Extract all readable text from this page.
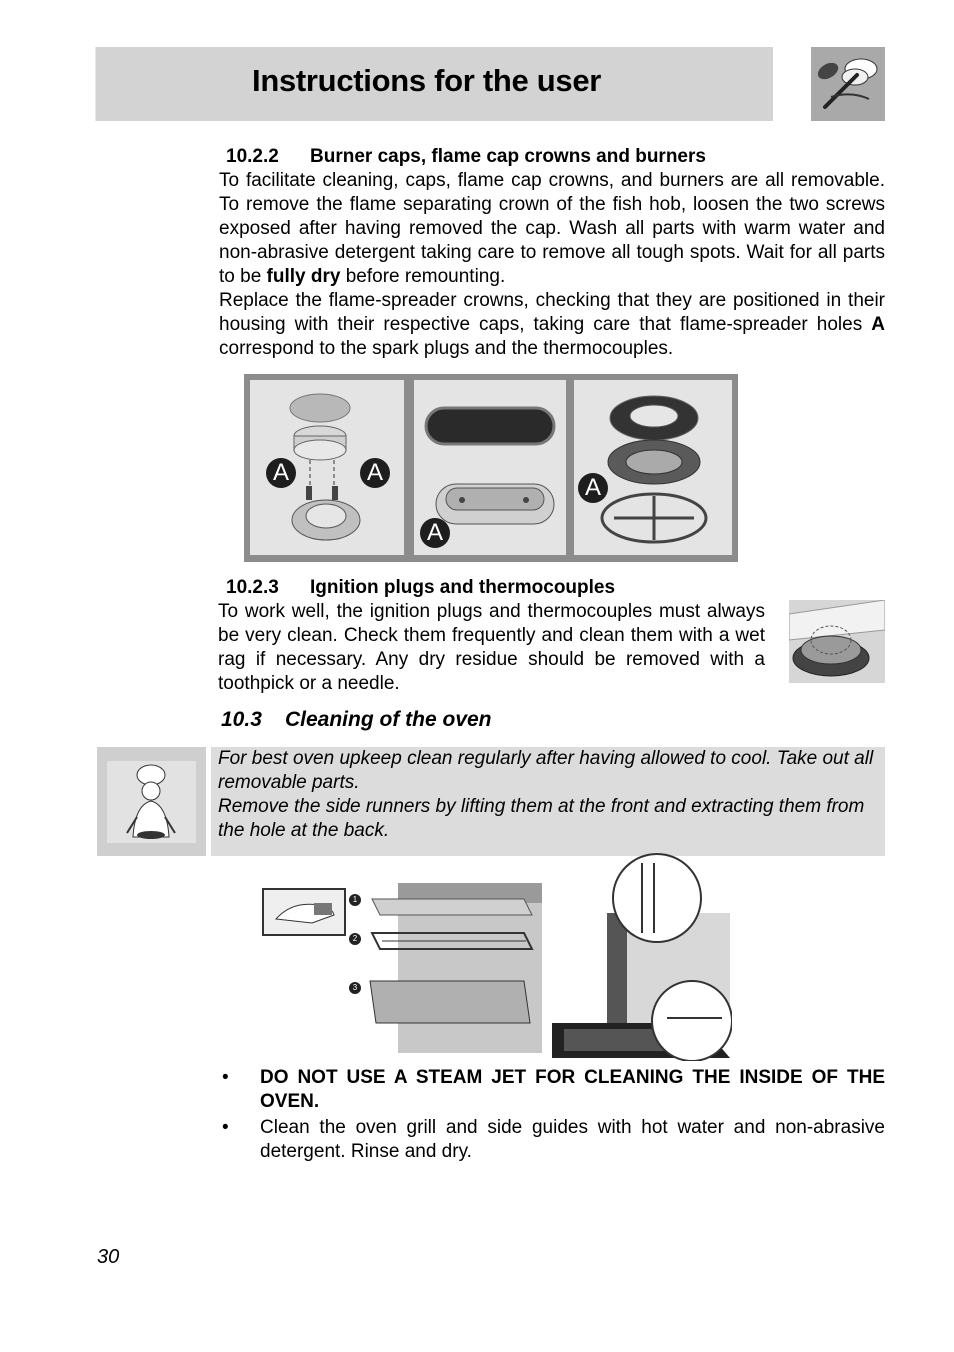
Instructions for the user
10.2.2 Burner caps, flame cap crowns and burners

To facilitate cleaning, caps, flame cap crowns, and burners are all removable. To remove the flame separating crown of the fish hob, loosen the two screws exposed after having removed the cap. Wash all parts with warm water and non-abrasive detergent taking care to remove all tough spots. Wait for all parts to be fully dry before remounting.

Replace the flame-spreader crowns, checking that they are positioned in their housing with their respective caps, taking care that flame-spreader holes A correspond to the spark plugs and the thermocouples.

A	A
A
A
10.2.3 Ignition plugs and thermocouples

To work well, the ignition plugs and thermocouples must always be very clean. Check them frequently and clean them with a wet rag if necessary. Any dry residue should be removed with a toothpick or a needle.

10.3 Cleaning of the oven

For best oven upkeep clean regularly after having allowed to cool. Take out all removable parts.

Remove the side runners by lifting them at the front and extracting them from the hole at the back.

1
2
3
• DO NOT USE A STEAM JET FOR CLEANING THE INSIDE OF THE OVEN.
• Clean the oven grill and side guides with hot water and non-abrasive detergent. Rinse and dry.
30
